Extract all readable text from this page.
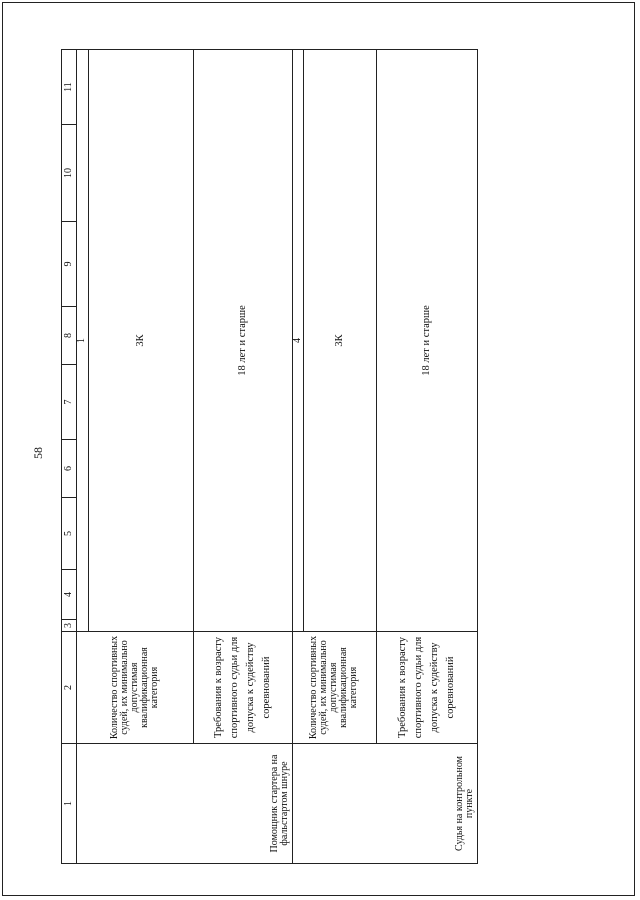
58
1	2	3	4	5	6	7	8	9	10	11
Помощник стартера на фальстартом шнуре	Количество спортивных судей, их минимально допустимая квалификационная категория	1								
		3К								
	Требования к возрасту спортивного судьи для допуска к судейству соревнований	18 лет и старше								
Судья на контрольном пункте	Количество спортивных судей, их минимально допустимая квалификационная категория	4								
		3К								
	Требования к возрасту спортивного судьи для допуска к судейству соревнований	18 лет и старше								
